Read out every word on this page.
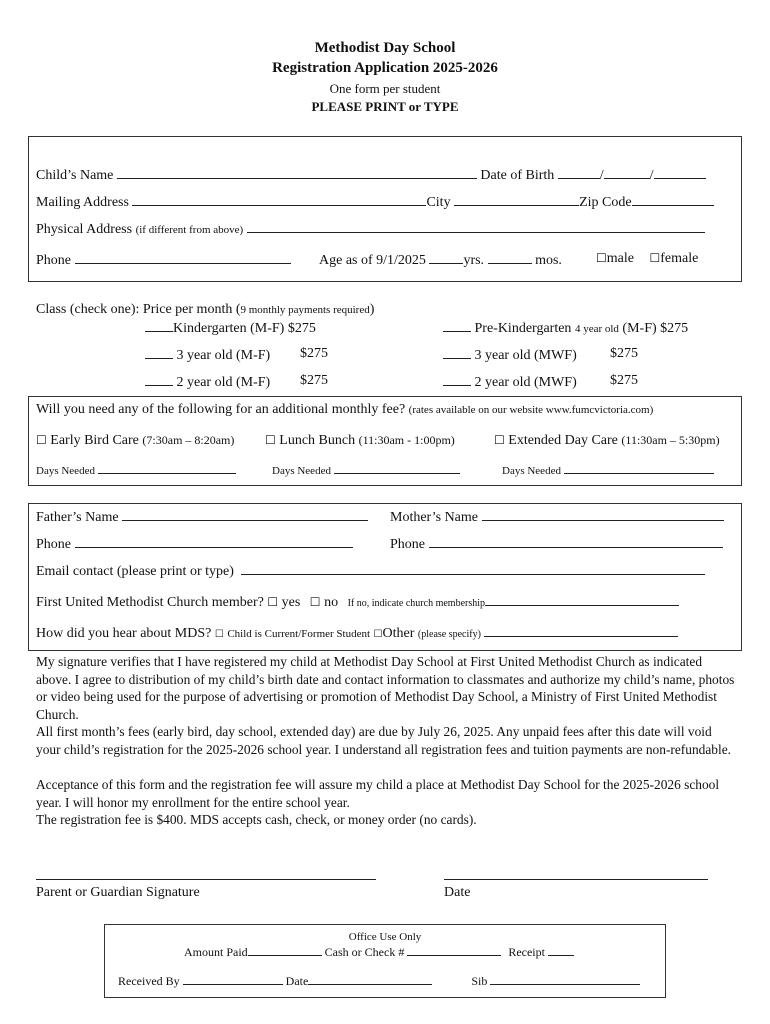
Methodist Day School
Registration Application 2025-2026
One form per student
PLEASE PRINT or TYPE
Child’s Name	Date of Birth	/	/
Mailing Address	City	Zip Code
Physical Address (if different from above)
Phone	Age as of 9/1/2025	yrs.	mos.	☐male ☐female
Class (check one): Price per month (9 monthly payments required)
Kindergarten (M-F) $275	Pre-Kindergarten 4 year old (M-F) $275
3 year old (M-F) $275	3 year old (MWF) $275
2 year old (M-F) $275	2 year old (MWF) $275
Will you need any of the following for an additional monthly fee? (rates available on our website www.fumcvictoria.com)
☐ Early Bird Care (7:30am – 8:20am)	☐ Lunch Bunch (11:30am - 1:00pm)	☐ Extended Day Care (11:30am – 5:30pm)
Days Needed	Days Needed	Days Needed
Father’s Name	Mother’s Name
Phone	Phone
Email contact (please print or type)
First United Methodist Church member? ☐ yes ☐ no If no, indicate church membership
How did you hear about MDS? ☐ Child is Current/Former Student ☐Other (please specify)
My signature verifies that I have registered my child at Methodist Day School at First United Methodist Church as indicated above. I agree to distribution of my child’s birth date and contact information to classmates and authorize my child’s name, photos or video being used for the purpose of advertising or promotion of Methodist Day School, a Ministry of First United Methodist Church.
All first month’s fees (early bird, day school, extended day) are due by July 26, 2025. Any unpaid fees after this date will void your child’s registration for the 2025-2026 school year. I understand all registration fees and tuition payments are non-refundable.
Acceptance of this form and the registration fee will assure my child a place at Methodist Day School for the 2025-2026 school year. I will honor my enrollment for the entire school year.
The registration fee is $400. MDS accepts cash, check, or money order (no cards).
Parent or Guardian Signature	Date
Office Use Only
Amount Paid	Cash or Check #	Receipt
Received By	Date	Sib
